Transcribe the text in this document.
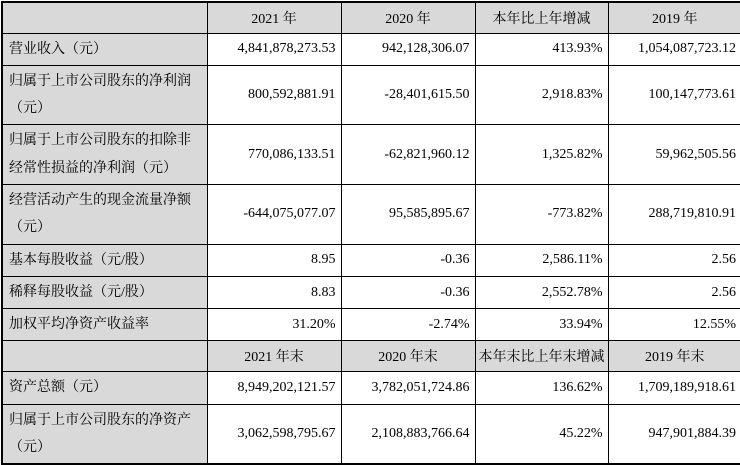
	2021 年	2020 年	本年比上年增减	2019 年
营业收入（元）	4,841,878,273.53	942,128,306.07	413.93%	1,054,087,723.12
归属于上市公司股东的净利润（元）	800,592,881.91	-28,401,615.50	2,918.83%	100,147,773.61
归属于上市公司股东的扣除非经常性损益的净利润（元）	770,086,133.51	-62,821,960.12	1,325.82%	59,962,505.56
经营活动产生的现金流量净额（元）	-644,075,077.07	95,585,895.67	-773.82%	288,719,810.91
基本每股收益（元/股）	8.95	-0.36	2,586.11%	2.56
稀释每股收益（元/股）	8.83	-0.36	2,552.78%	2.56
加权平均净资产收益率	31.20%	-2.74%	33.94%	12.55%
	2021 年末	2020 年末	本年末比上年末增减	2019 年末
资产总额（元）	8,949,202,121.57	3,782,051,724.86	136.62%	1,709,189,918.61
归属于上市公司股东的净资产（元）	3,062,598,795.67	2,108,883,766.64	45.22%	947,901,884.39
